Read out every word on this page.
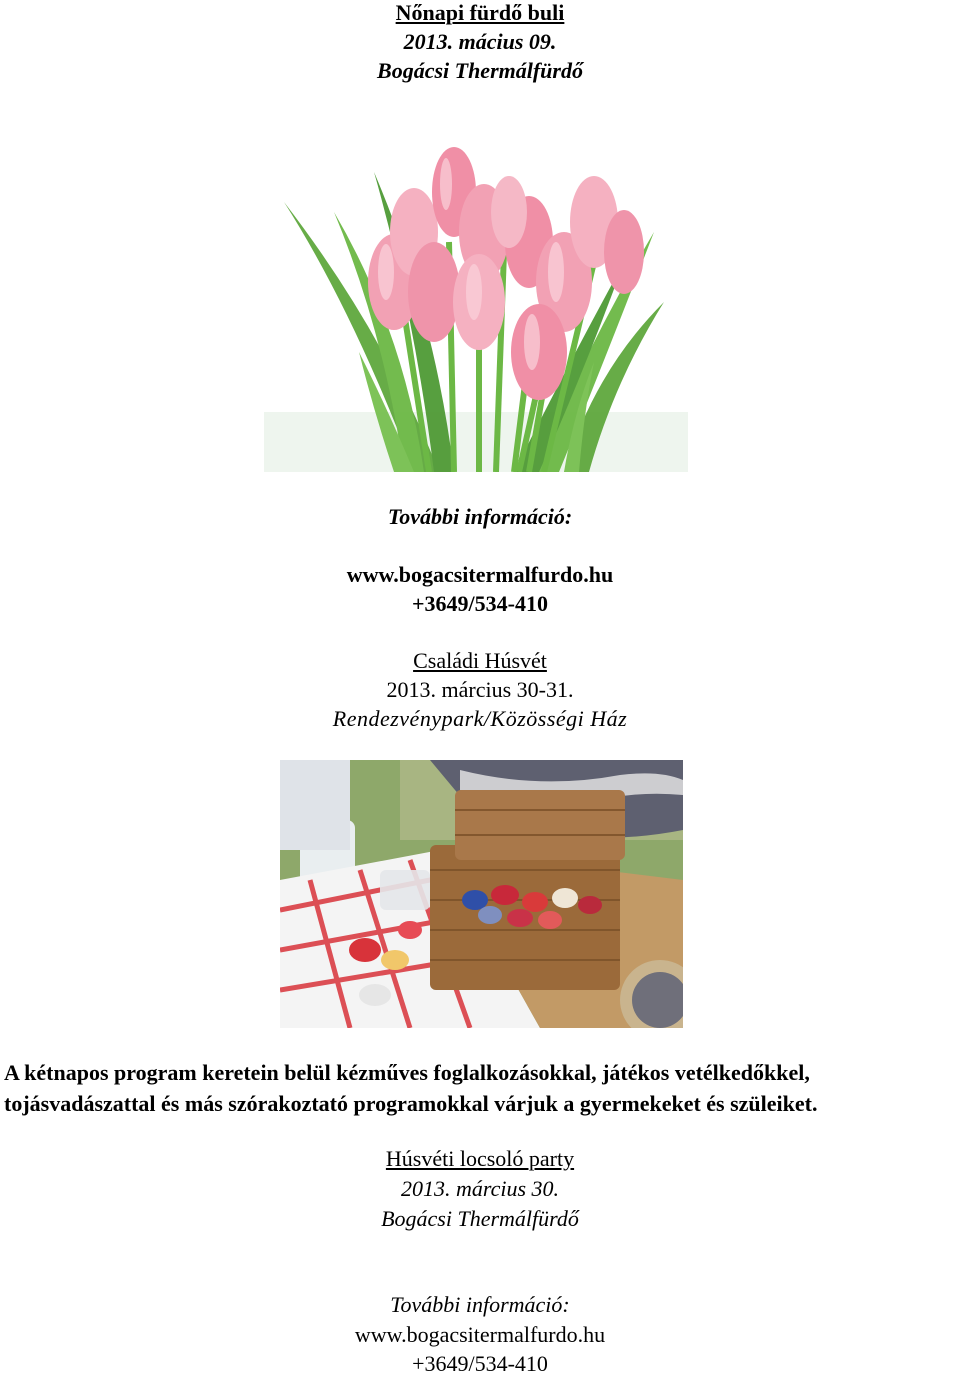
Nőnapi fürdő buli
2013. mácius 09.
Bogácsi Thermálfürdő
További információ:
www.bogacsitermalfurdo.hu
+3649/534-410
Családi Húsvét
2013. március 30-31.
Rendezvénypark/Közösségi Ház
A kétnapos program keretein belül kézműves foglalkozásokkal, játékos vetélkedőkkel,
tojásvadászattal és más szórakoztató programokkal várjuk a gyermekeket és szüleiket.
Húsvéti locsoló party
2013. március 30.
Bogácsi Thermálfürdő
További információ:
www.bogacsitermalfurdo.hu
+3649/534-410
